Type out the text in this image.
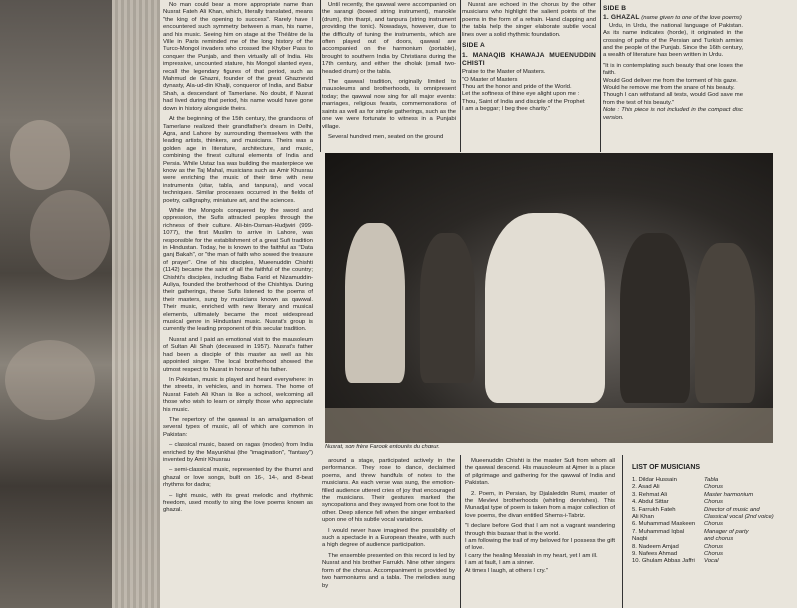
No man could bear a more appropriate name than Nusrat Fateh Ali Khan, which, literally translated, means "the king of the opening to success". Rarely have I encountered such symmetry between a man, his name, and his music. Seeing him on stage at the Théâtre de la Ville in Paris reminded me of the long history of the Turco-Mongol invaders who crossed the Khyber Pass to conquer the Punjab, and then virtually all of India. His impressive, uncounted stature, his Mongol slanted eyes, recall the legendary figures of that period, such as Mahmud de Ghazni, founder of the great Ghaznevid dynasty, Ala-ud-din Khalji, conqueror of India, and Babur Shah, a descendant of Tamerlane. No doubt, if Nusrat had lived during that period, his name would have gone down in history alongside theirs.

At the beginning of the 15th century, the grandsons of Tamerlane realized their grandfather's dream in Delhi, Agra, and Lahore by surrounding themselves with the leading artists, thinkers, and musicians. Theirs was a golden age in literature, architecture, and music, combining the finest cultural elements of India and Persia. While Ustaz Isa was building the masterpiece we know as the Taj Mahal, musicians such as Amir Khusrau were enriching the music of their time with new instruments (sitar, tabla, and tanpura), and vocal techniques. Similar processes occurred in the fields of poetry, calligraphy, miniature art, and the sciences.

While the Mongols conquered by the sword and oppression, the Sufis attracted peoples through the richness of their culture. Ali-bin-Osman-Hudjwiri (999-1077), the first Muslim to arrive in Lahore, was responsible for the establishment of a great Sufi tradition in Hindustan. Today, he is known to the faithful as "Data ganj Bakah", or "the man of faith who sowed the treasure of prayer". One of his disciples, Mueenuddin Chishti (1142) became the saint of all the faithful of the country; Chishti's disciples, including Baba Farid et Nizamuddin-Auliya, founded the brotherhood of the Chishtiya. During their gatherings, these Sufis listened to the poems of their masters, sung by musicians known as qawwal. Their music, enriched with new literary and musical elements, ultimately became the most widespread musical genre in Hindustani music. Nusrat's group is currently the leading proponent of this secular tradition.

Nusrat and I paid an emotional visit to the mausoleum of Sultan Ali Shah (deceased in 1957). Nusrat's father had been a disciple of this master as well as his appointed singer. The local brotherhood showed the utmost respect to Nusrat in honour of his father.

In Pakistan, music is played and heard everywhere: in the streets, in vehicles, and in homes. The home of Nusrat Fateh Ali Khan is like a school, welcoming all those who wish to learn or simply those who appreciate his music.

The repertory of the qawwal is an amalgamation of several types of music, all of which are common in Pakistan:

– classical music, based on ragas (modes) from India enriched by the Mayunkhai (the "imagination", "fantasy") invented by Amir Khusrau

– semi-classical music, represented by the thumri and ghazal or love songs, built on 16-, 14-, and 8-beat rhythms for dadra;

– light music, with its great melodic and rhythmic freedom, used mostly to sing the love poems known as ghazal.

Until recently, the qawwal were accompanied on the sarangi (bowed string instrument), manokle (drum), thin tharpi, and tanpura (string instrument providing the tonic). Nowadays, however, due to the difficulty of tuning the instruments, which are often played out of doors, qawwal are accompanied on the harmonium (portable), brought to southern India by Christians during the 17th century, and either the dholak (small two-headed drum) or the tabla.

The qawwal tradition, originally limited to mausoleums and brotherhoods, is omnipresent today; the qawwal now sing for all major events: marriages, religious feasts, commemorations of saints as well as for simple gatherings, such as the one we were fortunate to witness in a Punjabi village.

Several hundred men, seated on the ground

Nusrat are echoed in the chorus by the other musicians who highlight the salient points of the poems in the form of a refrain. Hand clapping and the tabla help the singer elaborate subtle vocal lines over a solid rhythmic foundation.

SIDE A
1. MANAQIB KHAWAJA MUEENUDDIN CHISTI
Praise to the Master of Masters.
"O Master of Masters
Thou art the honor and pride of the World.
Let the softness of thine eye alight upon me :
Thou, Saint of India and disciple of the Prophet
I am a beggar; I beg thee charity."
SIDE B
1. GHAZAL (name given to one of the love poems)

Urdu, in Urdu, the national language of Pakistan. As its name indicates (horde), it originated in the crossing of paths of the Persian and Turkish armies and the people of the Punjab. Since the 16th century, a wealth of literature has been written in Urdu.

"It is in contemplating such beauty that one loses the faith.
Would God deliver me from the torment of his gaze.
Would he remove me from the snare of his beauty.
Though I can withstand all tests, would God save me from the test of his beauty."
Note : This piece is not included in the compact disc version.
Nusrat, son frère Farook entourés du chœur.

around a stage, participated actively in the performance. They rose to dance, declaimed poems, and threw handfuls of notes to the musicians. As each verse was sung, the emotion-filled audience uttered cries of joy that encouraged the musicians. Their gestures marked the syncopations and they swayed from one foot to the other. Deep silence fell when the singer embarked upon one of his subtle vocal variations.

I would never have imagined the possibility of such a spectacle in a European theatre, with such a high degree of audience participation.

The ensemble presented on this record is led by Nusrat and his brother Farrukh. Nine other singers form of the chorus. Accompaniment is provided by two harmoniums and a tabla. The melodies sung by

Mueenuddin Chishti is the master Sufi from whom all the qawwal descend. His mausoleum at Ajmer is a place of pilgrimage and gathering for the qawwal of India and Pakistan.

2. Poem, in Persian, by Djalaleddin Rumi, master of the Mevlevi brotherhoods (whirling dervishes). This Munadjat type of poem is taken from a major collection of love poems, the divan entitled Shems-i-Tabriz.

"I declare before God that I am not a vagrant wandering through this bazaar that is the world.
I am following the trail of my beloved for I possess the gift of love.
I carry the healing Messiah in my heart, yet I am ill.
I am at fault, I am a sinner.
At times I laugh, at others I cry."
LIST OF MUSICIANS
1. Dildar Hussain	Tabla
2. Asad Ali	Chorus
3. Rehmat Ali	Master harmonium
4. Abdul Sittar	Chorus
5. Farrukh Fateh	Director of music and
Ali Khan	Classical vocal (2nd voice)
6. Muhammad Maskeen	Chorus
7. Muhammad Iqbal	Manager of party
Naqbi	and chorus
8. Nadeem Amjad	Chorus
9. Nafees Ahmad	Chorus
10. Ghulam Abbas Jaffri	Vocal
